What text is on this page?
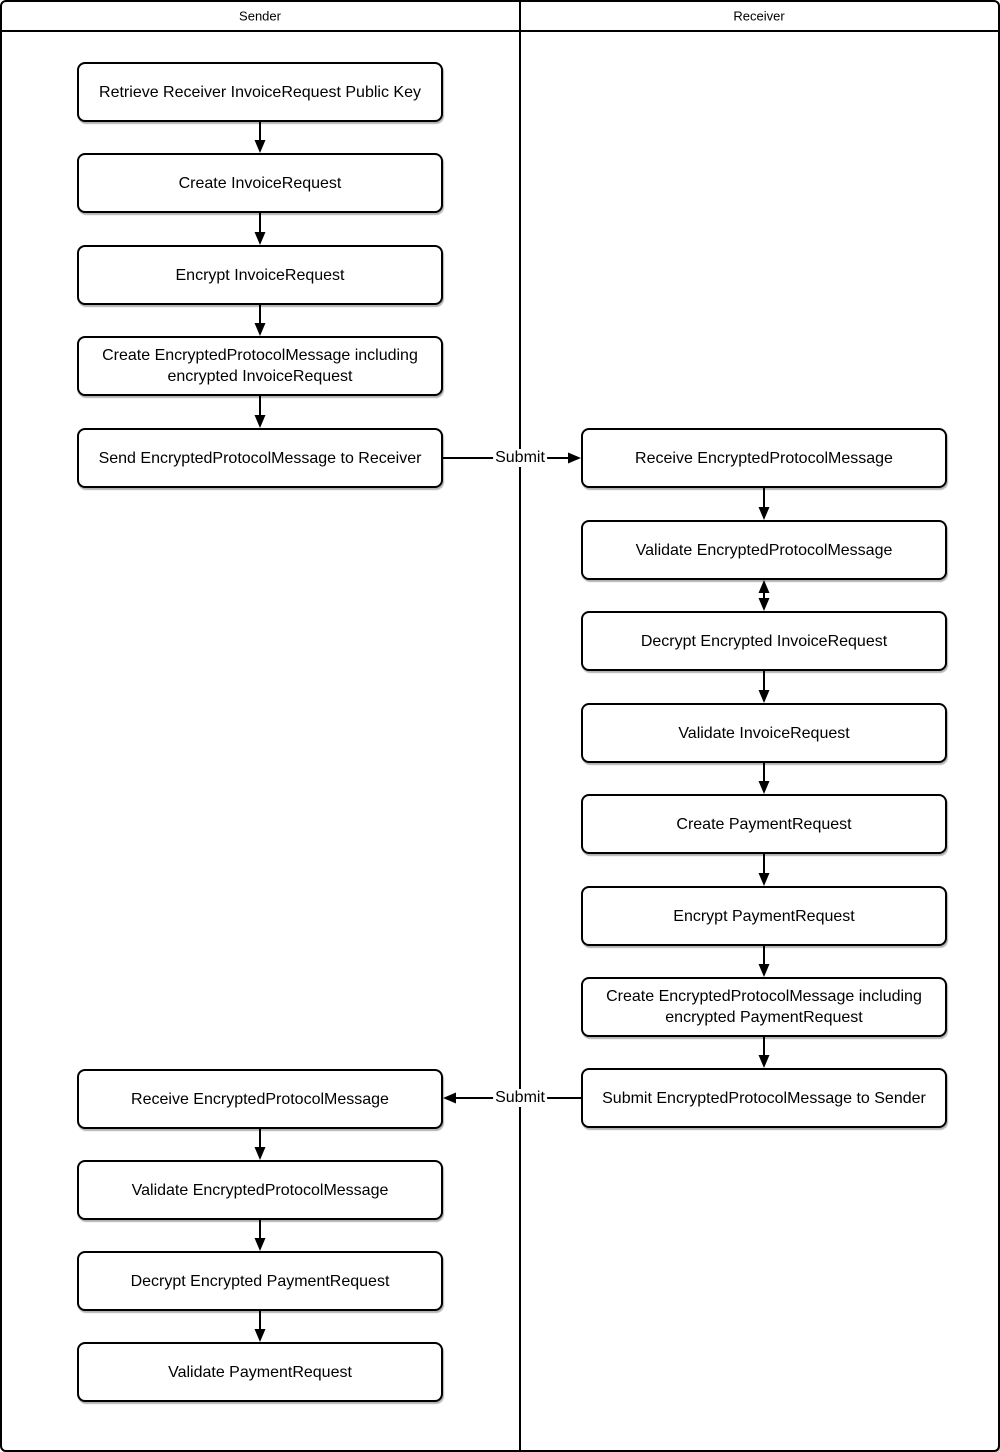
Sender	Receiver
Retrieve Receiver InvoiceRequest Public Key
Create InvoiceRequest
Encrypt InvoiceRequest
Create EncryptedProtocolMessage including encrypted InvoiceRequest
Send EncryptedProtocolMessage to Receiver	Receive EncryptedProtocolMessage
Validate EncryptedProtocolMessage
Decrypt Encrypted InvoiceRequest
Validate InvoiceRequest
Create PaymentRequest
Encrypt PaymentRequest
Create EncryptedProtocolMessage including encrypted PaymentRequest
Submit EncryptedProtocolMessage to Sender
Receive EncryptedProtocolMessage
Validate EncryptedProtocolMessage
Decrypt Encrypted PaymentRequest
Validate PaymentRequest
Submit
Submit
